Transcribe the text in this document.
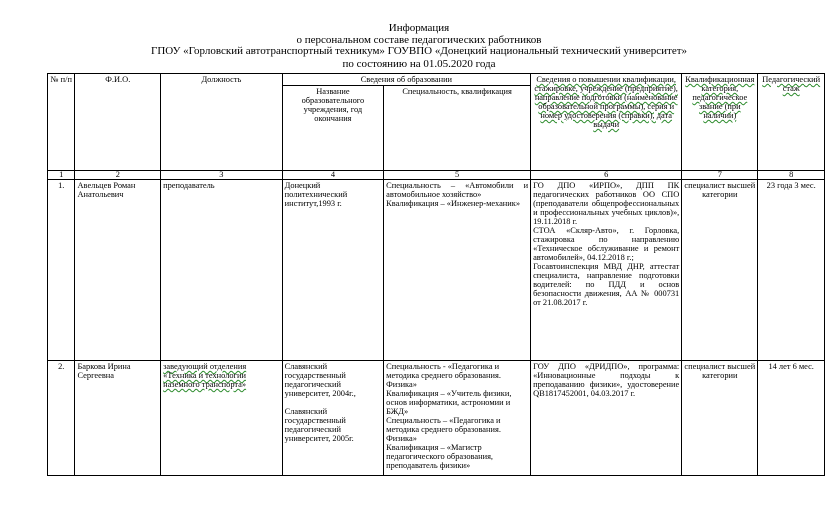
Информация
о персональном составе педагогических работников
ГПОУ «Горловский автотранспортный техникум» ГОУВПО «Донецкий национальный технический университет»
по состоянию на 01.05.2020 года
№ п/п	Ф.И.О.	Должность	Сведения об образовании		Сведения о повышении квалификации, стажировке, учреждение (предприятие), направление подготовки (наименование образовательной программы), серия и номер удостоверения (справки), дата выдачи	Квалификационная категория, педагогическое звание (при наличии)	Педагогический стаж
			Название образовательного учреждения, год окончания	Специальность, квалификация			
1	2	3	4	5	6	7	8
1.	Авельцев Роман Анатольевич	преподаватель	Донецкий политехнический институт,1993 г.	Специальность – «Автомобили и автомобильное хозяйство»
Квалификация – «Инженер-механик»	ГО ДПО «ИРПО», ДПП ПК педагогических работников ОО СПО (преподаватели общепрофессиональных и профессиональных учебных циклов)», 19.11.2018 г.
СТОА «Скляр-Авто», г. Горловка, стажировка по направлению «Техническое обслуживание и ремонт автомобилей», 04.12.2018 г.;
Госавтоинспекция МВД ДНР, аттестат специалиста, направление подготовки водителей: по ПДД и основ безопасности движения, АА № 000731 от 21.08.2017 г.	специалист высшей категории	23 года 3 мес.
2.	Баркова Ирина Сергеевна	заведующий отделения «Техника и технологии наземного транспорта»	Славянский государственный педагогический университет, 2004г.,
Славянский государственный педагогический университет, 2005г.	Специальность - «Педагогика и методика среднего образования. Физика»
Квалификация – «Учитель физики, основ информатики, астрономии и БЖД»
Специальность – «Педагогика и методика среднего образования. Физика»
Квалификация – «Магистр педагогического образования, преподаватель физики»	ГОУ ДПО «ДРИДПО», программа: «Инновационные подходы к преподаванию физики», удостоверение QB1817452001, 04.03.2017 г.	специалист высшей категории	14 лет 6 мес.
